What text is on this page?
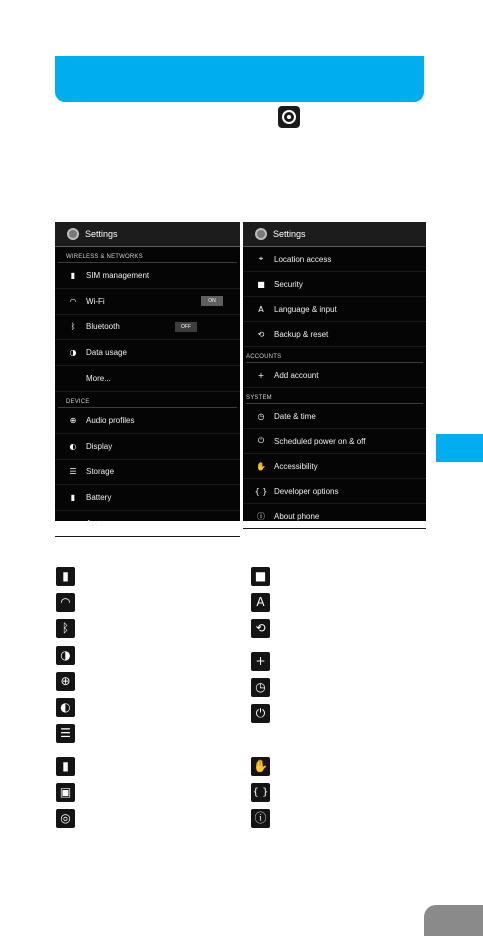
Settings
WIRELESS & NETWORKS
▮	SIM management
◠	Wi-Fi	ON
ᛒ	Bluetooth	OFF
◑	Data usage
More...
DEVICE
⊕	Audio profiles
◐	Display
☰	Storage
▮	Battery
▣	Apps
Settings
⌖	Location access
■	Security
A	Language & input
⟲	Backup & reset
ACCOUNTS
+	Add account
SYSTEM
◷	Date & time
⏻	Scheduled power on & off
✋	Accessibility
{ } Developer options
ⓘ	About phone
▮
◠
ᛒ
◑
⊕
◐
☰
▮
▣
◎
■
A
⟲
+
◷
⏻
✋
{ }
ⓘ
